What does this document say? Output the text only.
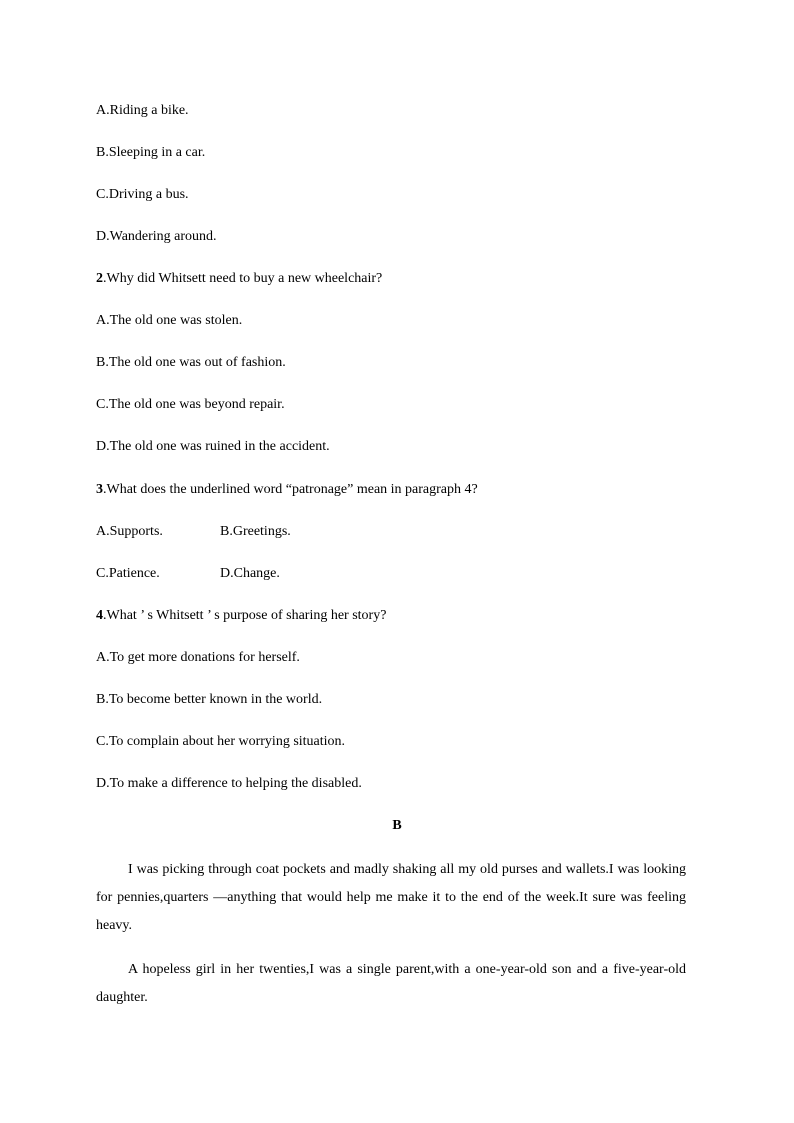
A.Riding a bike.
B.Sleeping in a car.
C.Driving a bus.
D.Wandering around.
2.Why did Whitsett need to buy a new wheelchair?
A.The old one was stolen.
B.The old one was out of fashion.
C.The old one was beyond repair.
D.The old one was ruined in the accident.
3.What does the underlined word “patronage” mean in paragraph 4?
A.Supports.	B.Greetings.
C.Patience.	D.Change.
4.What ’ s Whitsett ’ s purpose of sharing her story?
A.To get more donations for herself.
B.To become better known in the world.
C.To complain about her worrying situation.
D.To make a difference to helping the disabled.
B
I was picking through coat pockets and madly shaking all my old purses and wallets.I was looking for pennies,quarters —anything that would help me make it to the end of the week.It sure was feeling heavy.
A hopeless girl in her twenties,I was a single parent,with a one-year-old son and a five-year-old daughter.
